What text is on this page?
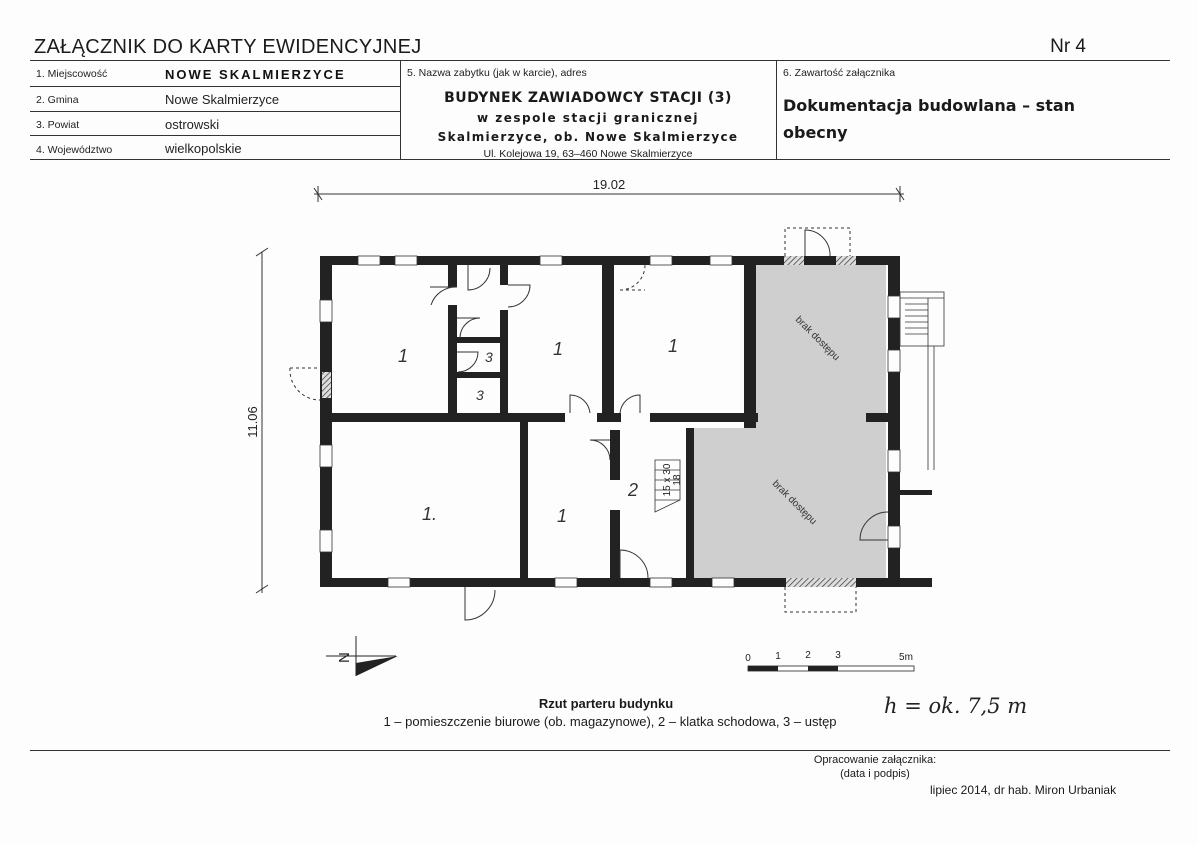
ZAŁĄCZNIK DO KARTY EWIDENCYJNEJ	Nr 4
1. Miejscowość	NOWE SKALMIERZYCE
2. Gmina	Nowe Skalmierzyce
3. Powiat	ostrowski
4. Województwo	wielkopolskie
5. Nazwa zabytku (jak w karcie), adres
BUDYNEK ZAWIADOWCY STACJI (3)
w zespole stacji granicznej
Skalmierzyce, ob. Nowe Skalmierzyce
Ul. Kolejowa 19, 63–460 Nowe Skalmierzyce
6. Zawartość załącznika
Dokumentacja budowlana – stan
obecny
19.02
11.06
15 x 30 18
1	3	1	1
3
1.	1
2
brak dostępu
brak dostępu
N	0 1 2 3	5m
Rzut parteru budynku
1 – pomieszczenie biurowe (ob. magazynowe), 2 – klatka schodowa, 3 – ustęp
h = ok. 7,5 m
Opracowanie załącznika:
(data i podpis)
lipiec 2014, dr hab. Miron Urbaniak
